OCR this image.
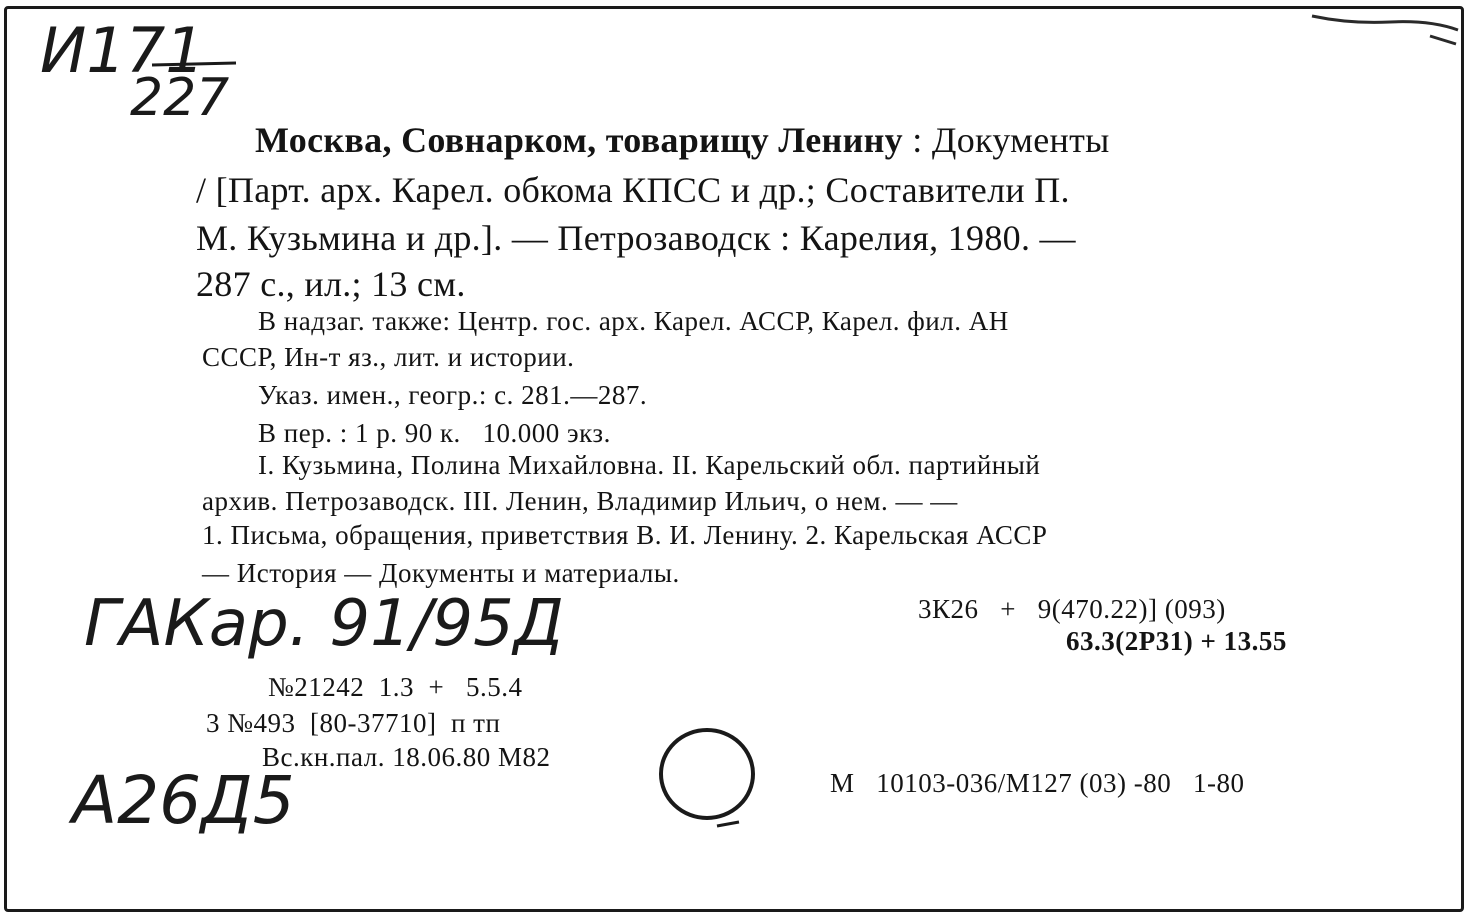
И171
227
Москва, Совнарком, товарищу Ленину : Документы
/ [Парт. арх. Карел. обкома КПСС и др.; Составители П.
М. Кузьмина и др.]. — Петрозаводск : Карелия, 1980. —
287 с., ил.; 13 см.
В надзаг. также: Центр. гос. арх. Карел. АССР, Карел. фил. АН
СССР, Ин-т яз., лит. и истории.
Указ. имен., геогр.: с. 281.—287.
В пер. : 1 р. 90 к.   10.000 экз.
I. Кузьмина, Полина Михайловна. II. Карельский обл. партийный
архив. Петрозаводск. III. Ленин, Владимир Ильич, о нем. — —
1. Письма, обращения, приветствия В. И. Ленину. 2. Карельская АССР
— История — Документы и материалы.
3К26   +   9(470.22)] (093)
63.3(2Р31) + 13.55
ГАКар. 91/95Д
№21242  1.3  +   5.5.4
3 №493  [80-37710]  п тп
Вс.кн.пал. 18.06.80 М82
М   10103-036/М127 (03) -80   1-80
А26Д5
